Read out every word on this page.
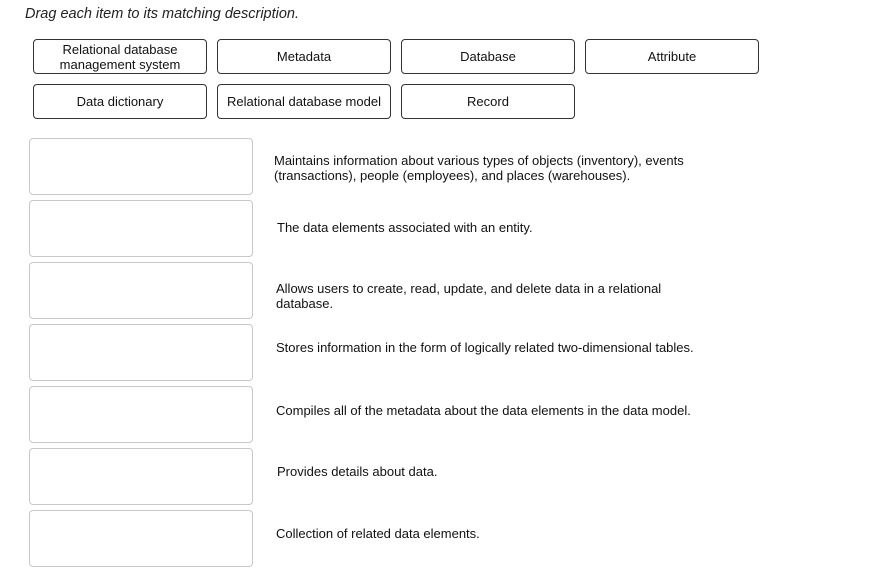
Drag each item to its matching description.
Relational database management system	Metadata	Database	Attribute
Data dictionary	Relational database model	Record
Maintains information about various types of objects (inventory), events (transactions), people (employees), and places (warehouses).
The data elements associated with an entity.
Allows users to create, read, update, and delete data in a relational database.
Stores information in the form of logically related two-dimensional tables.
Compiles all of the metadata about the data elements in the data model.
Provides details about data.
Collection of related data elements.
